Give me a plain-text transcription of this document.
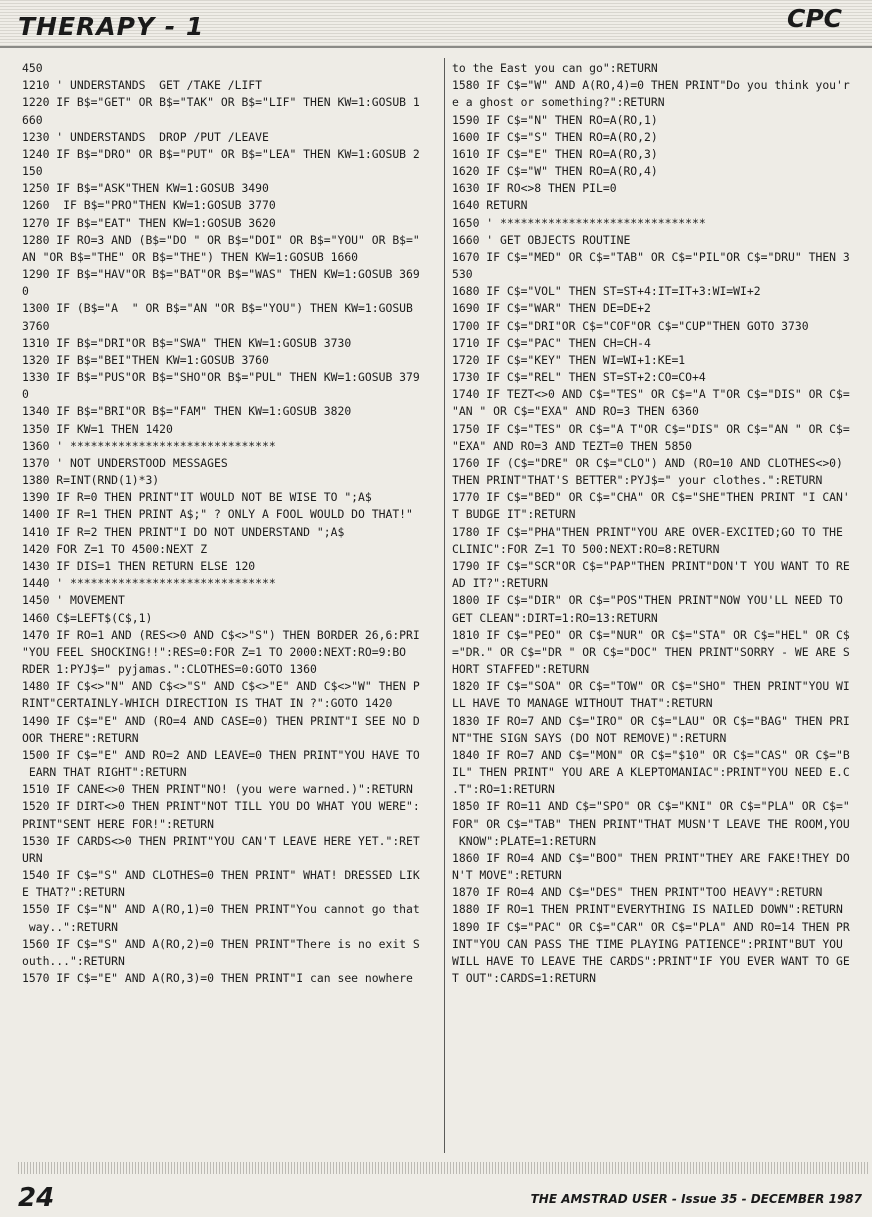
THERAPY - 1	CPC
450
1210 ' UNDERSTANDS  GET /TAKE /LIFT
1220 IF B$="GET" OR B$="TAK" OR B$="LIF" THEN KW=1:GOSUB 1
660
1230 ' UNDERSTANDS  DROP /PUT /LEAVE
1240 IF B$="DRO" OR B$="PUT" OR B$="LEA" THEN KW=1:GOSUB 2
150
1250 IF B$="ASK"THEN KW=1:GOSUB 3490
1260  IF B$="PRO"THEN KW=1:GOSUB 3770
1270 IF B$="EAT" THEN KW=1:GOSUB 3620
1280 IF RO=3 AND (B$="DO " OR B$="DOI" OR B$="YOU" OR B$="
AN "OR B$="THE" OR B$="THE") THEN KW=1:GOSUB 1660
1290 IF B$="HAV"OR B$="BAT"OR B$="WAS" THEN KW=1:GOSUB 369
0
1300 IF (B$="A  " OR B$="AN "OR B$="YOU") THEN KW=1:GOSUB
3760
1310 IF B$="DRI"OR B$="SWA" THEN KW=1:GOSUB 3730
1320 IF B$="BEI"THEN KW=1:GOSUB 3760
1330 IF B$="PUS"OR B$="SHO"OR B$="PUL" THEN KW=1:GOSUB 379
0
1340 IF B$="BRI"OR B$="FAM" THEN KW=1:GOSUB 3820
1350 IF KW=1 THEN 1420
1360 ' ******************************
1370 ' NOT UNDERSTOOD MESSAGES
1380 R=INT(RND(1)*3)
1390 IF R=0 THEN PRINT"IT WOULD NOT BE WISE TO ";A$
1400 IF R=1 THEN PRINT A$;" ? ONLY A FOOL WOULD DO THAT!"
1410 IF R=2 THEN PRINT"I DO NOT UNDERSTAND ";A$
1420 FOR Z=1 TO 4500:NEXT Z
1430 IF DIS=1 THEN RETURN ELSE 120
1440 ' ******************************
1450 ' MOVEMENT
1460 C$=LEFT$(C$,1)
1470 IF RO=1 AND (RES<>0 AND C$<>"S") THEN BORDER 26,6:PRI
"YOU FEEL SHOCKING!!":RES=0:FOR Z=1 TO 2000:NEXT:RO=9:BO
RDER 1:PYJ$=" pyjamas.":CLOTHES=0:GOTO 1360
1480 IF C$<>"N" AND C$<>"S" AND C$<>"E" AND C$<>"W" THEN P
RINT"CERTAINLY-WHICH DIRECTION IS THAT IN ?":GOTO 1420
1490 IF C$="E" AND (RO=4 AND CASE=0) THEN PRINT"I SEE NO D
OOR THERE":RETURN
1500 IF C$="E" AND RO=2 AND LEAVE=0 THEN PRINT"YOU HAVE TO
EARN THAT RIGHT":RETURN
1510 IF CANE<>0 THEN PRINT"NO! (you were warned.)":RETURN
1520 IF DIRT<>0 THEN PRINT"NOT TILL YOU DO WHAT YOU WERE":
PRINT"SENT HERE FOR!":RETURN
1530 IF CARDS<>0 THEN PRINT"YOU CAN'T LEAVE HERE YET.":RET
URN
1540 IF C$="S" AND CLOTHES=0 THEN PRINT" WHAT! DRESSED LIK
E THAT?":RETURN
1550 IF C$="N" AND A(RO,1)=0 THEN PRINT"You cannot go that
way..":RETURN
1560 IF C$="S" AND A(RO,2)=0 THEN PRINT"There is no exit S
outh...":RETURN
1570 IF C$="E" AND A(RO,3)=0 THEN PRINT"I can see nowhere
to the East you can go":RETURN
1580 IF C$="W" AND A(RO,4)=0 THEN PRINT"Do you think you'r
e a ghost or something?":RETURN
1590 IF C$="N" THEN RO=A(RO,1)
1600 IF C$="S" THEN RO=A(RO,2)
1610 IF C$="E" THEN RO=A(RO,3)
1620 IF C$="W" THEN RO=A(RO,4)
1630 IF RO<>8 THEN PIL=0
1640 RETURN
1650 ' ******************************
1660 ' GET OBJECTS ROUTINE
1670 IF C$="MED" OR C$="TAB" OR C$="PIL"OR C$="DRU" THEN 3
530
1680 IF C$="VOL" THEN ST=ST+4:IT=IT+3:WI=WI+2
1690 IF C$="WAR" THEN DE=DE+2
1700 IF C$="DRI"OR C$="COF"OR C$="CUP"THEN GOTO 3730
1710 IF C$="PAC" THEN CH=CH-4
1720 IF C$="KEY" THEN WI=WI+1:KE=1
1730 IF C$="REL" THEN ST=ST+2:CO=CO+4
1740 IF TEZT<>0 AND C$="TES" OR C$="A T"OR C$="DIS" OR C$=
"AN " OR C$="EXA" AND RO=3 THEN 6360
1750 IF C$="TES" OR C$="A T"OR C$="DIS" OR C$="AN " OR C$=
"EXA" AND RO=3 AND TEZT=0 THEN 5850
1760 IF (C$="DRE" OR C$="CLO") AND (RO=10 AND CLOTHES<>0)
THEN PRINT"THAT'S BETTER":PYJ$=" your clothes.":RETURN
1770 IF C$="BED" OR C$="CHA" OR C$="SHE"THEN PRINT "I CAN'
T BUDGE IT":RETURN
1780 IF C$="PHA"THEN PRINT"YOU ARE OVER-EXCITED;GO TO THE
CLINIC":FOR Z=1 TO 500:NEXT:RO=8:RETURN
1790 IF C$="SCR"OR C$="PAP"THEN PRINT"DON'T YOU WANT TO RE
AD IT?":RETURN
1800 IF C$="DIR" OR C$="POS"THEN PRINT"NOW YOU'LL NEED TO
GET CLEAN":DIRT=1:RO=13:RETURN
1810 IF C$="PEO" OR C$="NUR" OR C$="STA" OR C$="HEL" OR C$
="DR." OR C$="DR " OR C$="DOC" THEN PRINT"SORRY - WE ARE S
HORT STAFFED":RETURN
1820 IF C$="SOA" OR C$="TOW" OR C$="SHO" THEN PRINT"YOU WI
LL HAVE TO MANAGE WITHOUT THAT":RETURN
1830 IF RO=7 AND C$="IRO" OR C$="LAU" OR C$="BAG" THEN PRI
NT"THE SIGN SAYS (DO NOT REMOVE)":RETURN
1840 IF RO=7 AND C$="MON" OR C$="$10" OR C$="CAS" OR C$="B
IL" THEN PRINT" YOU ARE A KLEPTOMANIAC":PRINT"YOU NEED E.C
.T":RO=1:RETURN
1850 IF RO=11 AND C$="SPO" OR C$="KNI" OR C$="PLA" OR C$="
FOR" OR C$="TAB" THEN PRINT"THAT MUSN'T LEAVE THE ROOM,YOU
KNOW":PLATE=1:RETURN
1860 IF RO=4 AND C$="BOO" THEN PRINT"THEY ARE FAKE!THEY DO
N'T MOVE":RETURN
1870 IF RO=4 AND C$="DES" THEN PRINT"TOO HEAVY":RETURN
1880 IF RO=1 THEN PRINT"EVERYTHING IS NAILED DOWN":RETURN
1890 IF C$="PAC" OR C$="CAR" OR C$="PLA" AND RO=14 THEN PR
INT"YOU CAN PASS THE TIME PLAYING PATIENCE":PRINT"BUT YOU
WILL HAVE TO LEAVE THE CARDS":PRINT"IF YOU EVER WANT TO GE
T OUT":CARDS=1:RETURN
24	THE AMSTRAD USER - Issue 35 - DECEMBER 1987
